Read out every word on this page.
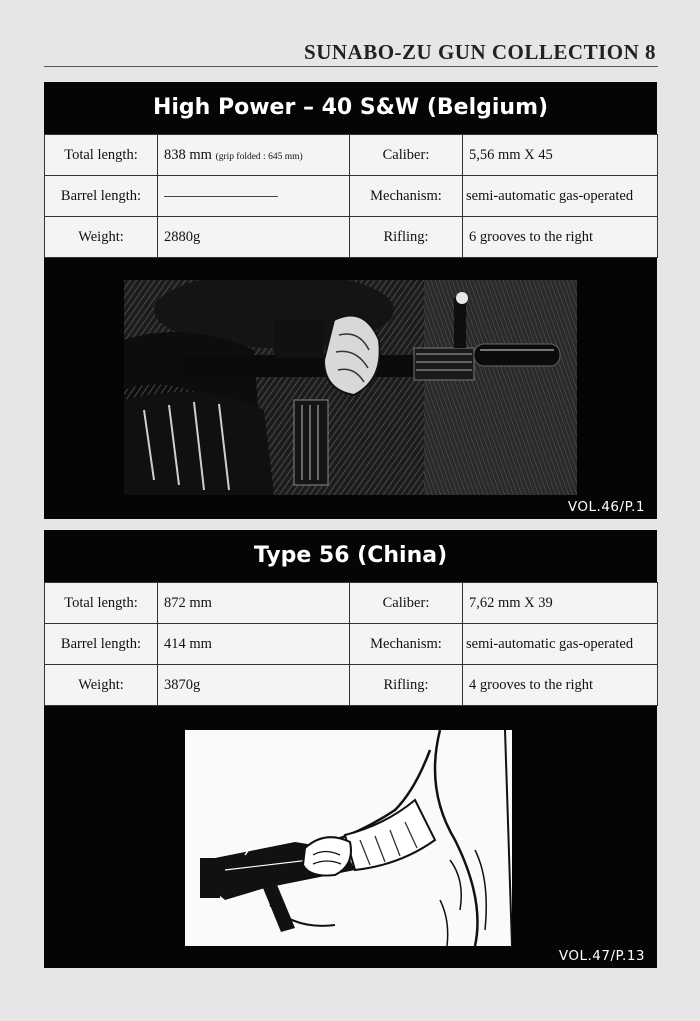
SUNABO-ZU GUN COLLECTION 8
High Power – 40 S&W (Belgium)
Total length:	838 mm (grip folded : 645 mm)	Caliber:	5,56 mm X 45
Barrel length:		Mechanism:	semi-automatic gas-operated
Weight:	2880g	Rifling:	6 grooves to the right
VOL.46/P.1
Type 56 (China)
Total length:	872 mm	Caliber:	7,62 mm X 39
Barrel length:	414 mm	Mechanism:	semi-automatic gas-operated
Weight:	3870g	Rifling:	4 grooves to the right
VOL.47/P.13
